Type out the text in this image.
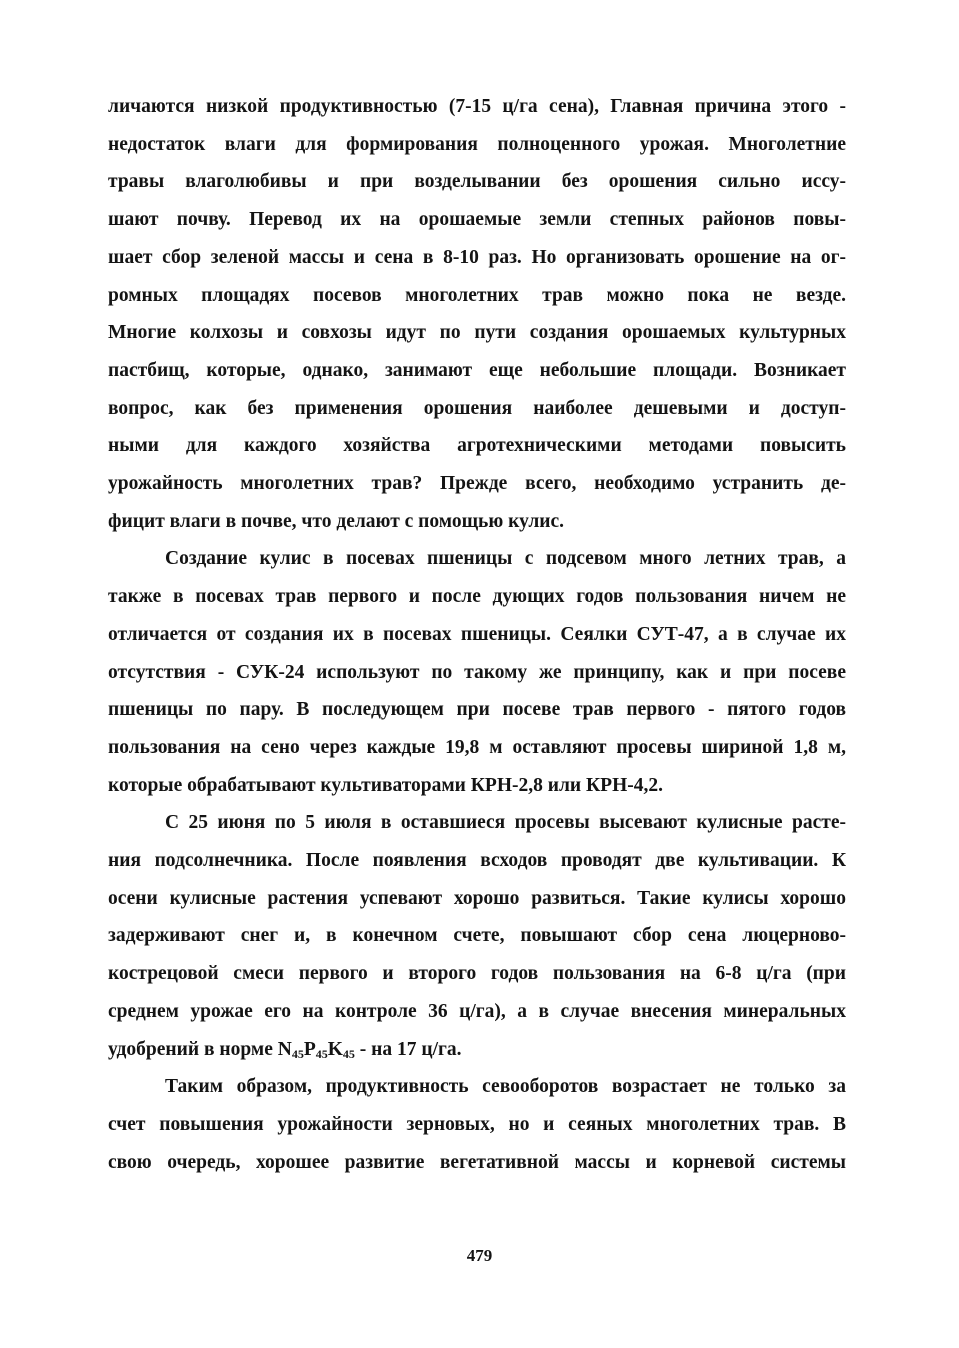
личаются низкой продуктивностью (7-15 ц/га сена), Главная причина этого -
недостаток влаги для формирования полноценного урожая. Многолетние
травы влаголюбивы и при возделывании без орошения сильно иссу-
шают почву. Перевод их на орошаемые земли степных районов повы-
шает сбор зеленой массы и сена в 8-10 раз. Но организовать орошение на ог-
ромных площадях посевов многолетних трав можно пока не везде.
Многие колхозы и совхозы идут по пути создания орошаемых культурных
пастбищ, которые, однако, занимают еще небольшие площади. Возникает
вопрос, как без применения орошения наиболее дешевыми и доступ-
ными для каждого хозяйства агротехническими методами повысить
урожайность многолетних трав? Прежде всего, необходимо устранить де-
фицит влаги в почве, что делают с помощью кулис.
Создание кулис в посевах пшеницы с подсевом много летних трав, а
также в посевах трав первого и после дующих годов пользования ничем не
отличается от создания их в посевах пшеницы. Сеялки СУТ-47, а в случае их
отсутствия - СУК-24 используют по такому же принципу, как и при посеве
пшеницы по пару. В последующем при посеве трав первого - пятого годов
пользования на сено через каждые 19,8 м оставляют просевы шириной 1,8 м,
которые обрабатывают культиваторами КРН-2,8 или КРН-4,2.
С 25 июня по 5 июля в оставшиеся просевы высевают кулисные расте-
ния подсолнечника. После появления всходов проводят две культивации. К
осени кулисные растения успевают хорошо развиться. Такие кулисы хорошо
задерживают снег и, в конечном счете, повышают сбор сена люцерново-
кострецовой смеси первого и второго годов пользования на 6-8 ц/га (при
среднем урожае его на контроле 36 ц/га), а в случае внесения минеральных
удобрений в норме $N_{45}P_{45}K_{45}$ - на 17 ц/га.
Таким образом, продуктивность севооборотов возрастает не только за
счет повышения урожайности зерновых, но и сеяных многолетних трав. В
свою очередь, хорошее развитие вегетативной массы и корневой системы
479
